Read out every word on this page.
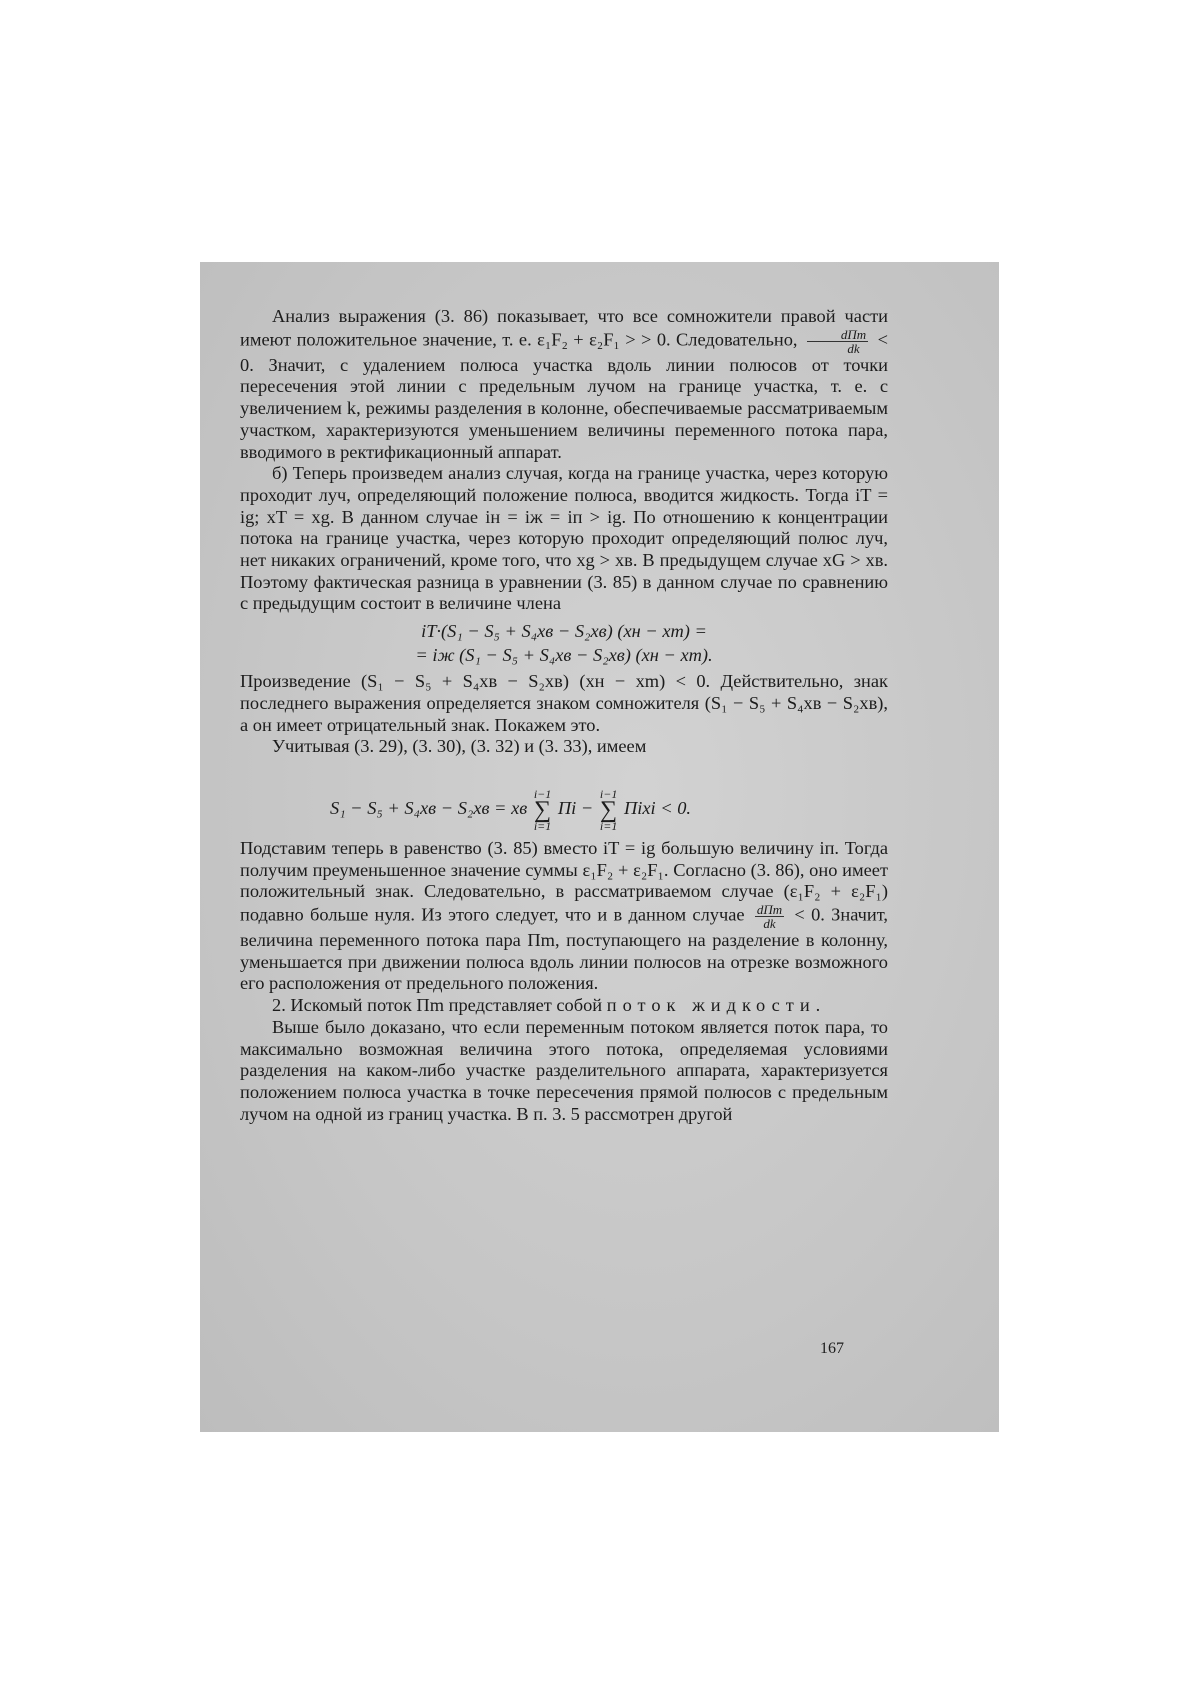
Анализ выражения (3. 86) показывает, что все сомножители правой части имеют положительное значение, т. е. ε₁F₂ + ε₂F₁ > > 0. Следовательно, $\frac{\text{dΠm}}{dk} < 0$. Значит, с удалением полюса участка вдоль линии полюсов от точки пересечения этой линии с предельным лучом на границе участка, т. е. с увеличением k, режимы разделения в колонне, обеспечиваемые рассматриваемым участком, характеризуются уменьшением величины переменного потока пара, вводимого в ректификационный аппарат.

б) Теперь произведем анализ случая, когда на границе участка, через которую проходит луч, определяющий положение полюса, вводится жидкость. Тогда iT = ig; xT = xg. В данном случае iн = iж = iп > ig. По отношению к концентрации потока на границе участка, через которую проходит определяющий полюс луч, нет никаких ограничений, кроме того, что xg > xв. В предыдущем случае xG > xв. Поэтому фактическая разница в уравнении (3. 85) в данном случае по сравнению с предыдущим состоит в величине члена

iT·(S₁ − S₅ + S₄xв − S₂xв) (xн − xm) =
= iж (S₁ − S₅ + S₄xв − S₂xв) (xн − xm).

Произведение (S₁ − S₅ + S₄xв − S₂xв) (xн − xm) < 0. Действительно, знак последнего выражения определяется знаком сомножителя (S₁ − S₅ + S₄xв − S₂xв), а он имеет отрицательный знак. Покажем это.

Учитывая (3. 29), (3. 30), (3. 32) и (3. 33), имеем

S₁ − S₅ + S₄xв − S₂xв = xв i−1
∑
i=1 Πi − i−1
∑
i=1 Πixi < 0.

Подставим теперь в равенство (3. 85) вместо iT = ig большую величину iп. Тогда получим преуменьшенное значение суммы ε₁F₂ + ε₂F₁. Согласно (3. 86), оно имеет положительный знак. Следовательно, в рассматриваемом случае (ε₁F₂ + ε₂F₁) подавно больше нуля. Из этого следует, что и в данном случае $\frac{\text{dΠm}}{dk} < 0$. Значит, величина переменного потока пара Πm, поступающего на разделение в колонну, уменьшается при движении полюса вдоль линии полюсов на отрезке возможного его расположения от предельного положения.

2. Искомый поток Πm представляет собой поток жидкости.

Выше было доказано, что если переменным потоком является поток пара, то максимально возможная величина этого потока, определяемая условиями разделения на каком-либо участке разделительного аппарата, характеризуется положением полюса участка в точке пересечения прямой полюсов с предельным лучом на одной из границ участка. В п. 3. 5 рассмотрен другой

167
